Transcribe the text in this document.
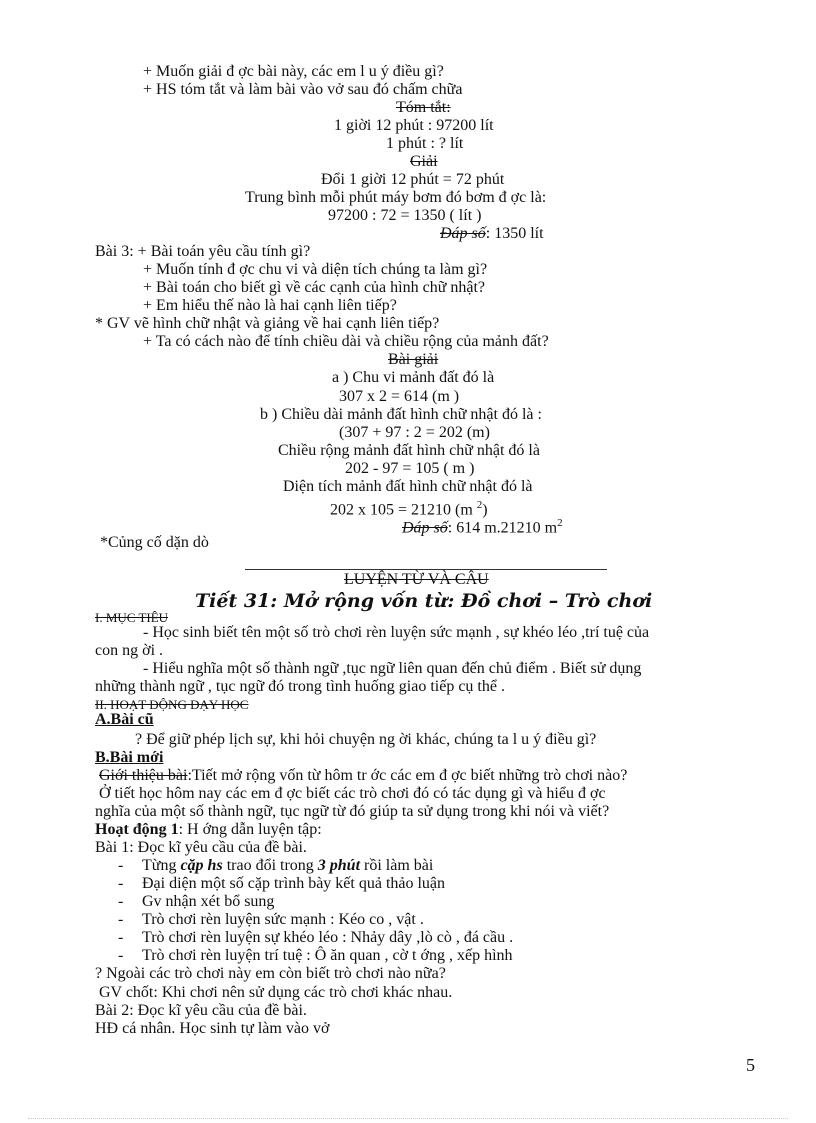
+ Muốn giải đ ợc bài này, các em l u ý điều gì?
+ HS tóm tắt và làm bài vào vở sau đó chấm chữa
Tóm tắt:
1 giời 12 phút : 97200 lít
1 phút : ? lít
Giải
Đổi 1 giời 12 phút = 72 phút
Trung bình mỗi phút máy bơm đó bơm đ ợc là:
97200 : 72 = 1350 ( lít )
Đáp số: 1350 lít
Bài 3: + Bài toán yêu cầu tính gì?
+ Muốn tính đ ợc chu vi và diện tích chúng ta làm gì?
+ Bài toán cho biết gì về các cạnh của hình chữ nhật?
+ Em hiểu thế nào là hai cạnh liên tiếp?
* GV vẽ hình chữ nhật và giảng về hai cạnh liên tiếp?
+ Ta có cách nào để tính chiều dài và chiều rộng của mảnh đất?
Bài giải
a ) Chu vi mảnh đất đó là
307 x 2 = 614 (m )
b ) Chiều dài mảnh đất hình chữ nhật đó là :
(307 + 97 : 2 = 202 (m)
Chiều rộng mảnh đất hình chữ nhật đó là
202 - 97 = 105 ( m )
Diện tích mảnh đất hình chữ nhật đó là
202 x 105 = 21210 (m $^2$)
Đáp số: 614 m.21210 $m^2$
*Củng cố dặn dò
LUYỆN TỪ VÀ CÂU
Tiết 31: Mở rộng vốn từ: Đồ chơi – Trò chơi
I. MỤC TIÊU
- Học sinh biết tên một số trò chơi rèn luyện sức mạnh , sự khéo léo ,trí tuệ của
con ng ời .
- Hiểu nghĩa một số thành ngữ ,tục ngữ liên quan đến chủ điểm . Biết sử dụng
những thành ngữ , tục ngữ đó trong tình huống giao tiếp cụ thể .
II. HOẠT ĐỘNG DẠY HỌC
A.Bài cũ
? Để giữ phép lịch sự, khi hỏi chuyện ng ời khác, chúng ta l u ý điều gì?
B.Bài mới
Giới thiệu bài:Tiết mở rộng vốn từ hôm tr ớc các em đ ợc biết những trò chơi nào?
Ở tiết học hôm nay các em đ ợc biết các trò chơi đó có tác dụng gì và hiểu đ ợc
nghĩa của một số thành ngữ, tục ngữ từ đó giúp ta sử dụng trong khi nói và viết?
Hoạt động 1: H ớng dẫn luyện tập:
Bài 1: Đọc kĩ yêu cầu của đề bài.
- Từng cặp hs trao đổi trong 3 phút rồi làm bài
- Đại diện một số cặp trình bày kết quả thảo luận
- Gv nhận xét bổ sung
- Trò chơi rèn luyện sức mạnh : Kéo co , vật .
- Trò chơi rèn luyện sự khéo léo : Nhảy dây ,lò cò , đá cầu .
- Trò chơi rèn luyện trí tuệ : Ô ăn quan , cờ t ớng , xếp hình
? Ngoài các trò chơi này em còn biết trò chơi nào nữa?
GV chốt: Khi chơi nên sử dụng các trò chơi khác nhau.
Bài 2: Đọc kĩ yêu cầu của đề bài.
HĐ cá nhân. Học sinh tự làm vào vở
5
